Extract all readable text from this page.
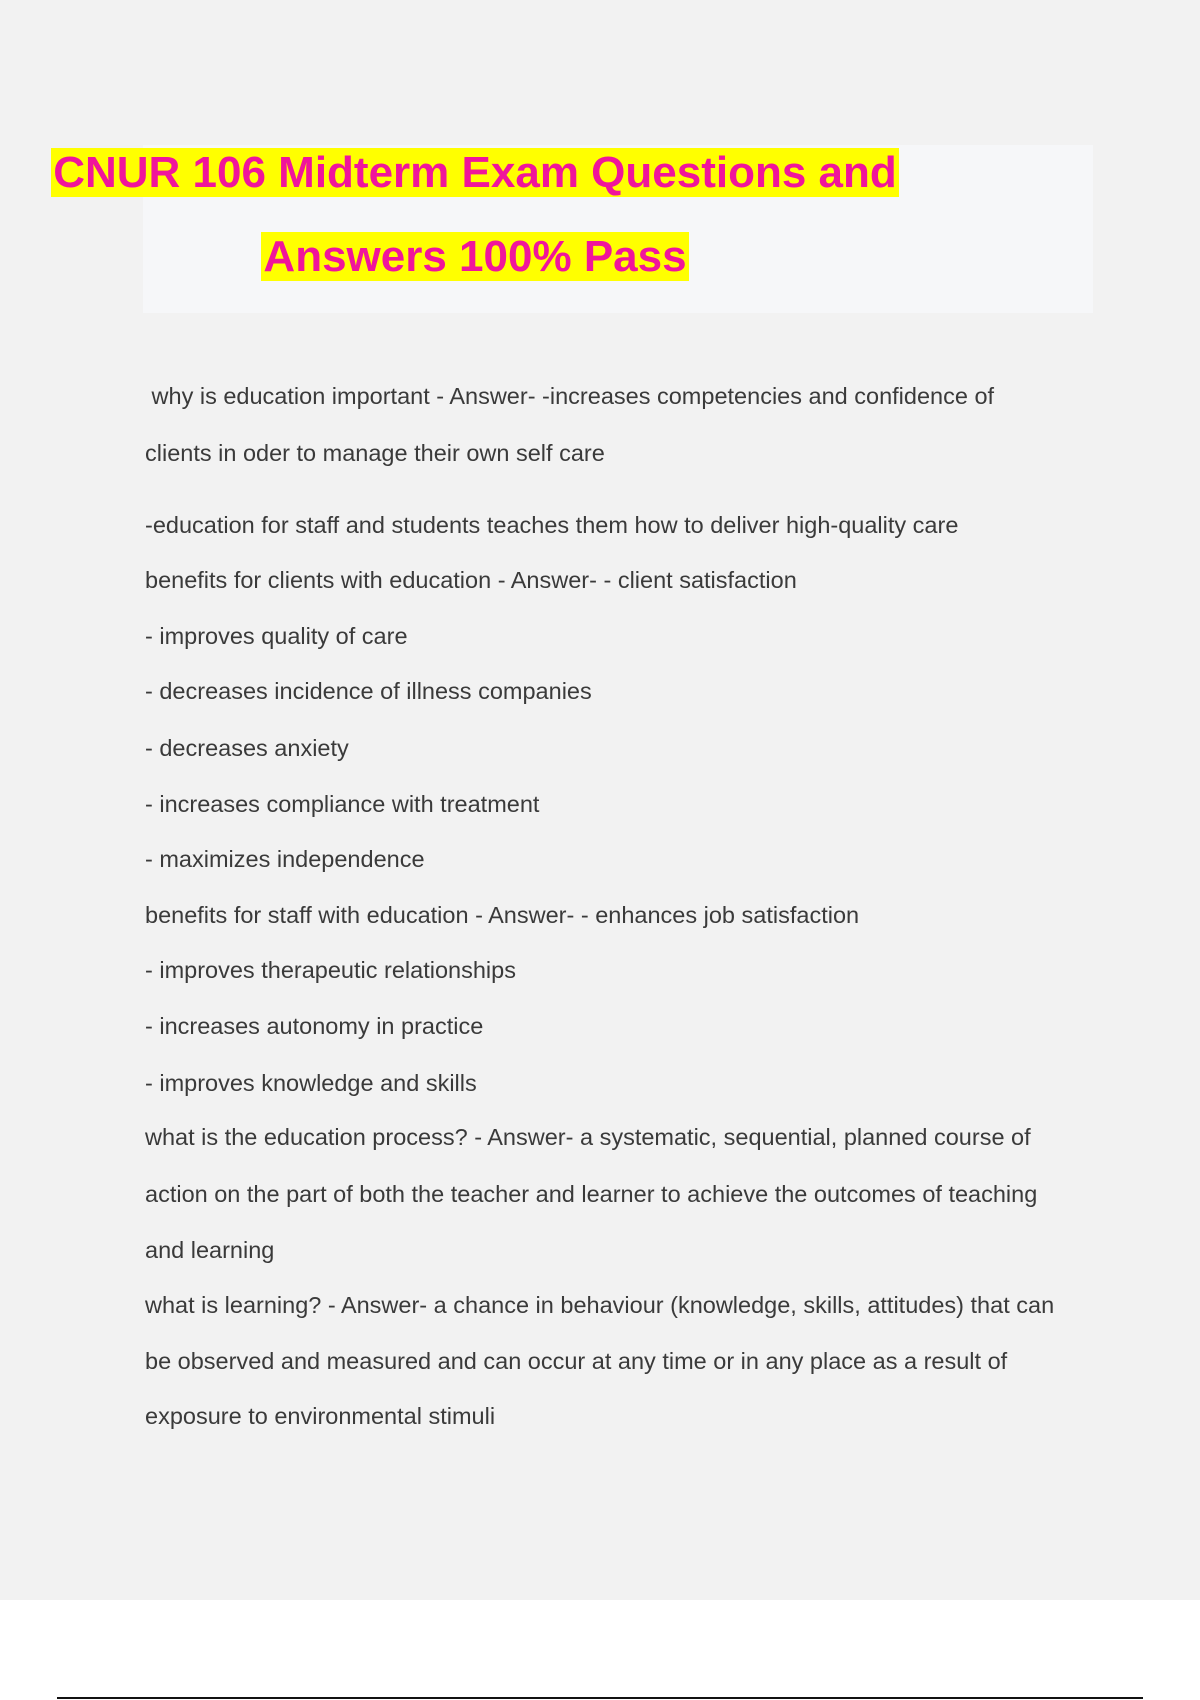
CNUR 106 Midterm Exam Questions and
Answers 100% Pass
why is education important - Answer- -increases competencies and confidence of
clients in oder to manage their own self care
-education for staff and students teaches them how to deliver high-quality care
benefits for clients with education - Answer- - client satisfaction
- improves quality of care
- decreases incidence of illness companies
- decreases anxiety
- increases compliance with treatment
- maximizes independence
benefits for staff with education - Answer- - enhances job satisfaction
- improves therapeutic relationships
- increases autonomy in practice
- improves knowledge and skills
what is the education process? - Answer- a systematic, sequential, planned course of
action on the part of both the teacher and learner to achieve the outcomes of teaching
and learning
what is learning? - Answer- a chance in behaviour (knowledge, skills, attitudes) that can
be observed and measured and can occur at any time or in any place as a result of
exposure to environmental stimuli
